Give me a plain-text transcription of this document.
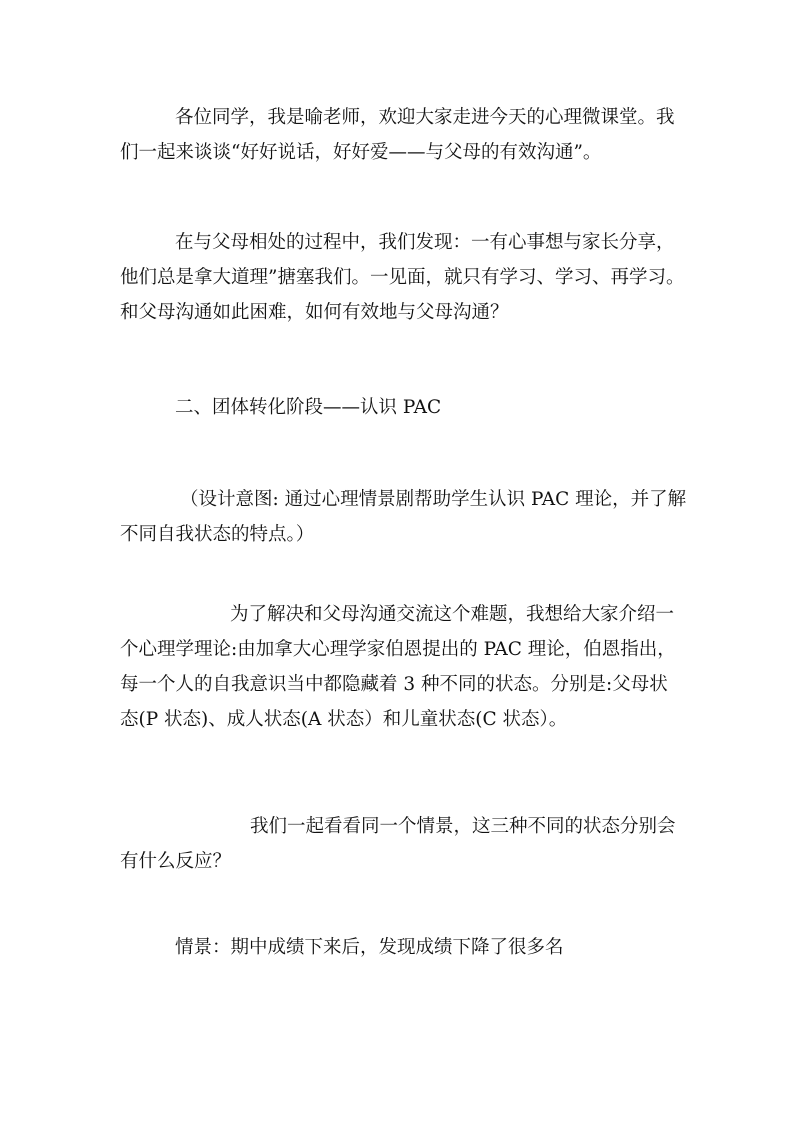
各位同学，我是喻老师，欢迎大家走进今天的心理微课堂。我
们一起来谈谈“好好说话，好好爱——与父母的有效沟通”。
在与父母相处的过程中，我们发现：一有心事想与家长分享，
他们总是拿大道理”搪塞我们。一见面，就只有学习、学习、再学习。
和父母沟通如此困难，如何有效地与父母沟通？
二、团体转化阶段——认识 PAC
（设计意图: 通过心理情景剧帮助学生认识 PAC 理论，并了解
不同自我状态的特点。）
为了解决和父母沟通交流这个难题，我想给大家介绍一
个心理学理论:由加拿大心理学家伯恩提出的 PAC 理论，伯恩指出，
每一个人的自我意识当中都隐藏着 3 种不同的状态。分别是:父母状
态(P 状态)、成人状态(A 状态）和儿童状态(C 状态）。
我们一起看看同一个情景，这三种不同的状态分别会
有什么反应？
情景：期中成绩下来后，发现成绩下降了很多名
